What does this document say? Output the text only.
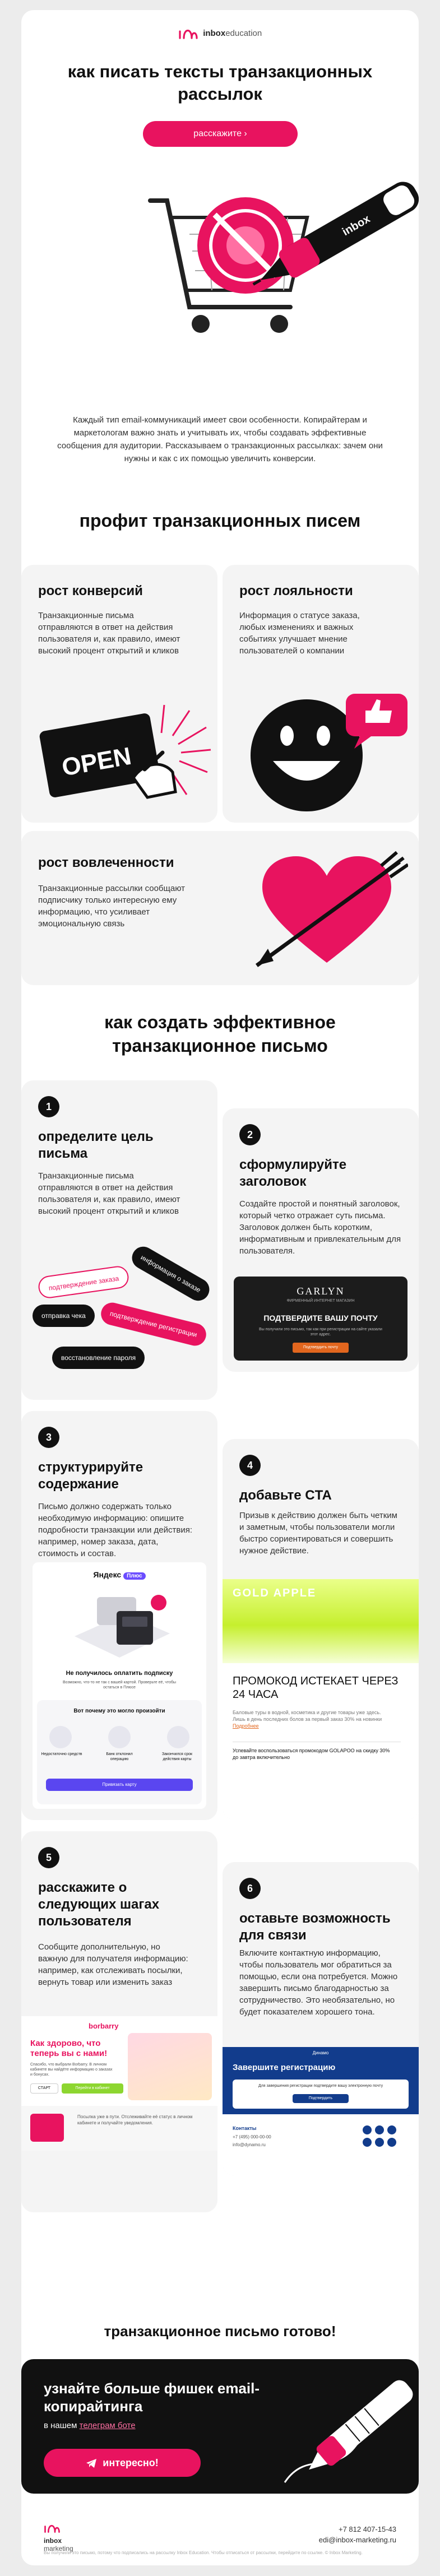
inboxeducation
как писать тексты транзакционных рассылок
расскажите ›
inbox

Каждый тип email-коммуникаций имеет свои особенности. Копирайтерам и маркетологам важно знать и учитывать их, чтобы создавать эффективные сообщения для аудитории. Рассказываем о транзакционных рассылках: зачем они нужны и как с их помощью увеличить конверсии.

профит транзакционных писем
рост конверсий
Транзакционные письма отправляются в ответ на действия пользователя и, как правило, имеют высокий процент открытий и кликов
OPEN
рост лояльности
Информация о статусе заказа, любых изменениях и важных событиях улучшает мнение пользователей о компании
рост вовлеченности
Транзакционные рассылки сообщают подписчику только интересную ему информацию, что усиливает эмоциональную связь
как создать эффективное транзакционное письмо
1
определите цель письма
Транзакционные письма отправляются в ответ на действия пользователя и, как правило, имеют высокий процент открытий и кликов
подтверждение заказа	информация о заказе
отправка чека	подтверждение регистрации
восстановление пароля
2
сформулируйте заголовок
Создайте простой и понятный заголовок, который четко отражает суть письма. Заголовок должен быть коротким, информативным и привлекательным для пользователя.
GARLYN
ФИРМЕННЫЙ ИНТЕРНЕТ МАГАЗИН
ПОДТВЕРДИТЕ ВАШУ ПОЧТУ
Вы получили это письмо, так как при регистрации на сайте указали этот адрес.
Подтвердить почту
3
структурируйте содержание
Письмо должно содержать только необходимую информацию: опишите подробности транзакции или действия: например, номер заказа, дата, стоимость и состав.
Яндекс Плюс
Не получилось оплатить подписку
Возможно, что-то не так с вашей картой. Проверьте её, чтобы остаться в Плюсе
Вот почему это могло произойти
Недостаточно средств	Банк отклонил операцию
Закончился срок действия карты
Привязать карту
4
добавьте CTA
Призыв к действию должен быть четким и заметным, чтобы пользователи могли быстро сориентироваться и совершить нужное действие.
GOLD APPLE
ПРОМОКОД ИСТЕКАЕТ ЧЕРЕЗ 24 ЧАСА
Баловые туры в водной, косметика и другие товары уже здесь. Лишь в день последних болов за первый заказ 30% на новинки Подробнее
Успевайте воспользоваться промокодом GOLAPOO на скидку 30% до завтра включительно
5
расскажите о следующих шагах пользователя
Сообщите дополнительную, но важную для получателя информацию: например, как отслеживать посылки, вернуть товар или изменить заказ
borbarry
Как здорово, что теперь вы с нами!
Спасибо, что выбрали Borbarry. В личном кабинете вы найдёте информацию о заказах и бонусах.
СТАРТ	Перейти в кабинет
Посылка уже в пути. Отслеживайте её статус в личном кабинете и получайте уведомления.
6
оставьте возможность для связи
Включите контактную информацию, чтобы пользователь мог обратиться за помощью, если она потребуется. Можно завершить письмо благодарностью за сотрудничество. Это необязательно, но будет показателем хорошего тона.
Динамо
Завершите регистрацию
Для завершения регистрации подтвердите вашу электронную почту
Подтвердить
Контакты
+7 (495) 000-00-00
info@dynamo.ru
транзакционное письмо готово!
узнайте больше фишек email-копирайтинга
в нашем телеграм боте
интересно!
inbox
marketing
+7 812 407-15-43
edi@inbox-marketing.ru
Вы получили это письмо, потому что подписались на рассылку Inbox Education. Чтобы отписаться от рассылки, перейдите по ссылке. © Inbox Marketing.
